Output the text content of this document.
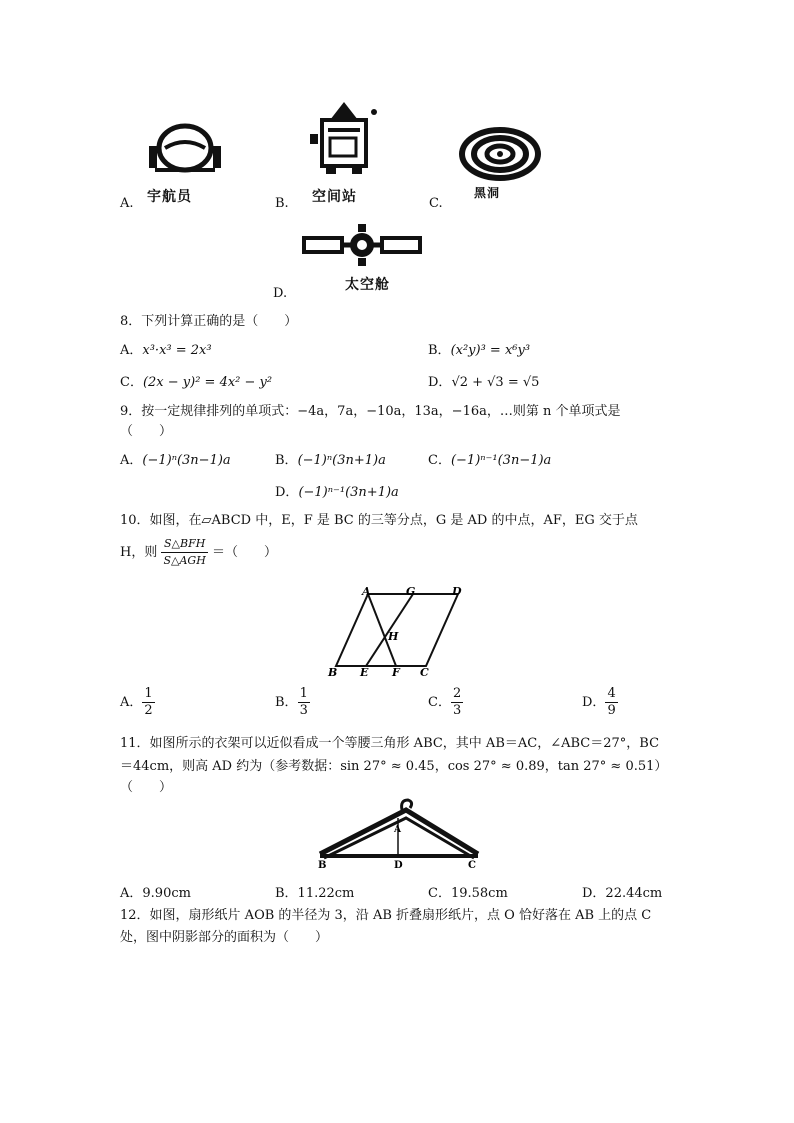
A. 宇航员	B. 空间站	C.
黑洞
D.
太空舱
8．下列计算正确的是（　　）
A．x³·x³ = 2x³	B．(x²y)³ = x⁶y³
C．(2x − y)² = 4x² − y²	D．√2 + √3 = √5
9．按一定规律排列的单项式：−4a，7a，−10a，13a，−16a，…则第 n 个单项式是
（　　）
A．(−1)ⁿ(3n−1)a	B．(−1)ⁿ(3n+1)a	C．(−1)ⁿ⁻¹(3n−1)a
D．(−1)ⁿ⁻¹(3n+1)a
10．如图，在▱ABCD 中，E，F 是 BC 的三等分点，G 是 AD 的中点，AF，EG 交于点
H，则 $\frac{\text{S△BFH}}{\text{S△AGH}}$ ＝（　　）
A	G	D
H
B E F C
A． $\frac{1}{2}$	B． $\frac{1}{3}$	C． $\frac{2}{3}$	D． $\frac{4}{9}$
11．如图所示的衣架可以近似看成一个等腰三角形 ABC，其中 AB＝AC，∠ABC＝27°，BC
＝44cm，则高 AD 约为（参考数据：sin 27° ≈ 0.45，cos 27° ≈ 0.89，tan 27° ≈ 0.51）
（　　）
A
B	D	C
A．9.90cm	B．11.22cm	C．19.58cm	D．22.44cm
12．如图，扇形纸片 AOB 的半径为 3，沿 AB 折叠扇形纸片，点 O 恰好落在 AB 上的点 C
处，图中阴影部分的面积为（　　）
